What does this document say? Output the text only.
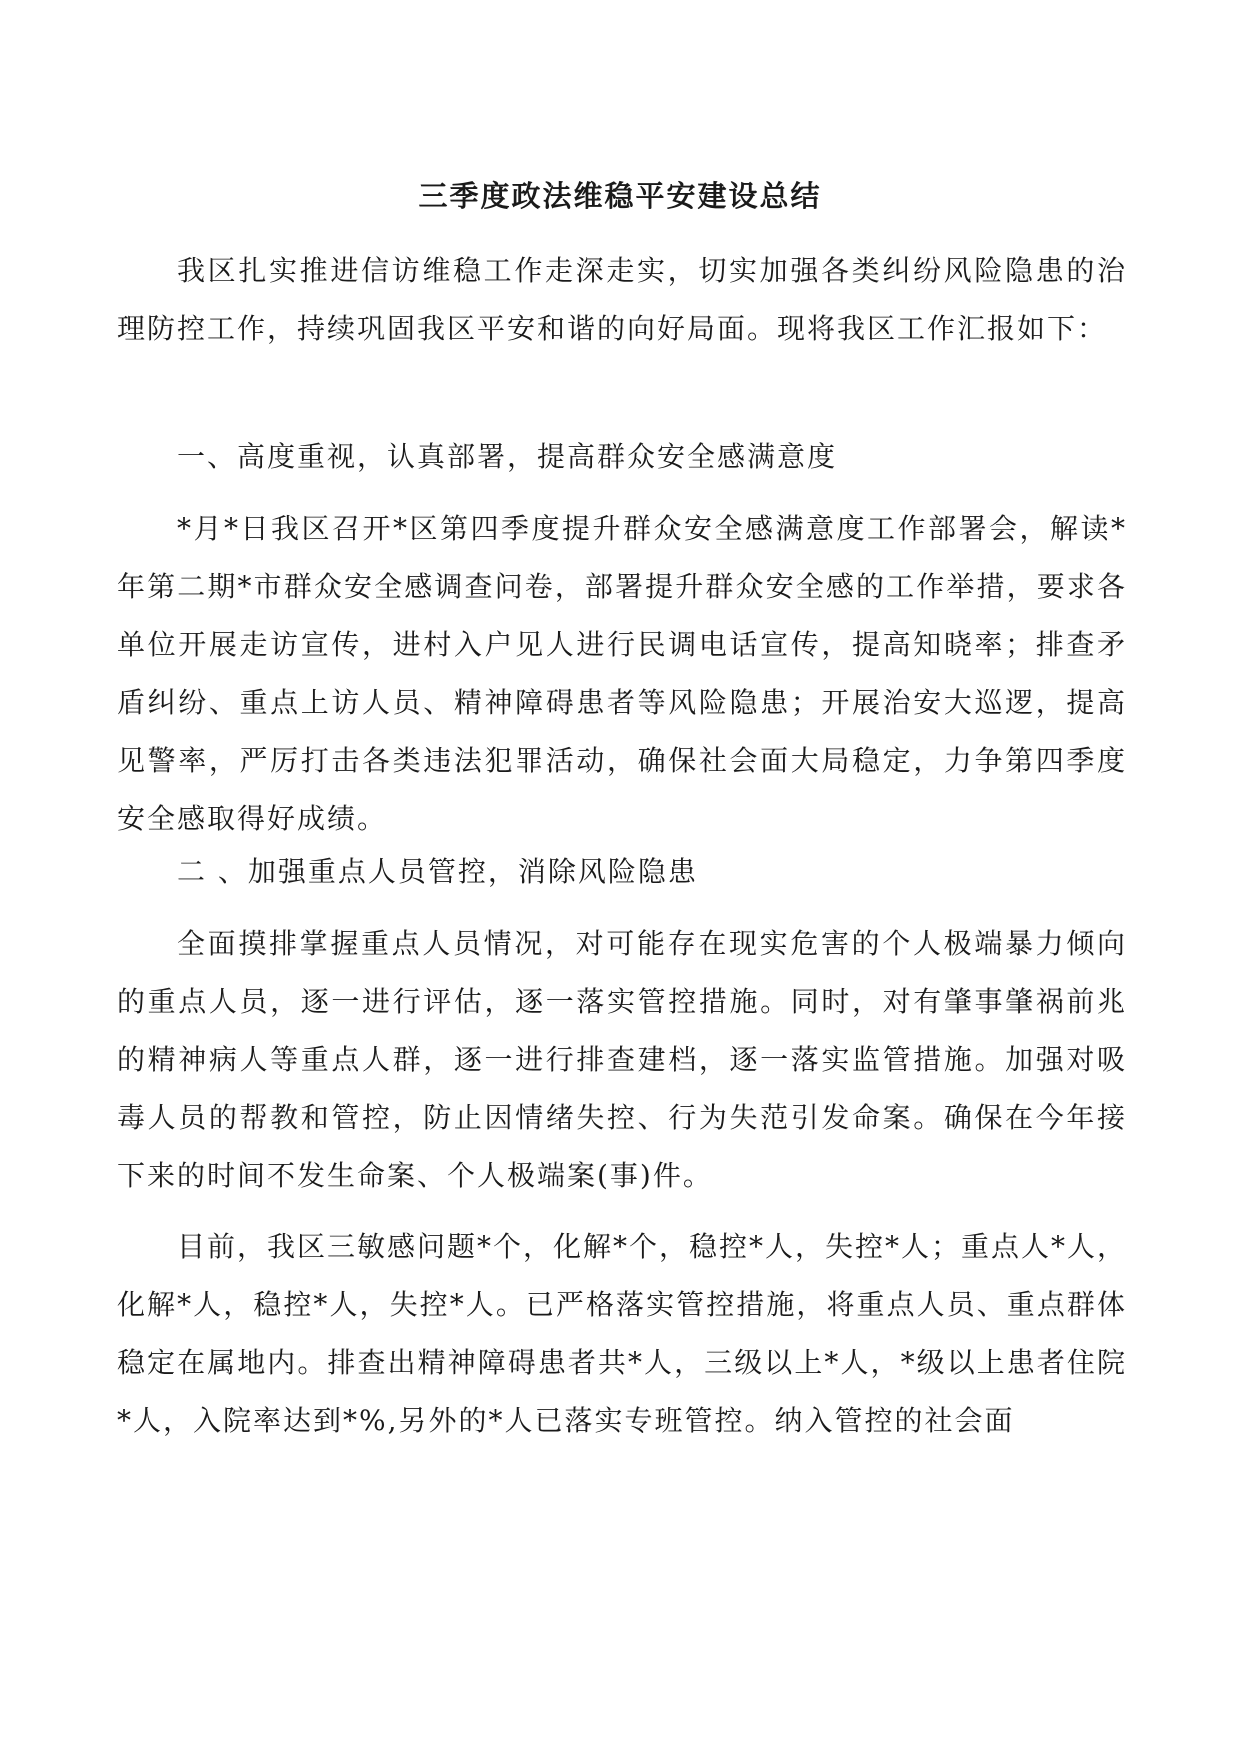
三季度政法维稳平安建设总结

我区扎实推进信访维稳工作走深走实，切实加强各类纠纷风险隐患的治理防控工作，持续巩固我区平安和谐的向好局面。现将我区工作汇报如下：

一、高度重视，认真部署，提高群众安全感满意度

*月*日我区召开*区第四季度提升群众安全感满意度工作部署会，解读*年第二期*市群众安全感调查问卷，部署提升群众安全感的工作举措，要求各单位开展走访宣传，进村入户见人进行民调电话宣传，提高知晓率；排查矛盾纠纷、重点上访人员、精神障碍患者等风险隐患；开展治安大巡逻，提高见警率，严厉打击各类违法犯罪活动，确保社会面大局稳定，力争第四季度安全感取得好成绩。

二 、加强重点人员管控，消除风险隐患

全面摸排掌握重点人员情况，对可能存在现实危害的个人极端暴力倾向的重点人员，逐一进行评估，逐一落实管控措施。同时，对有肇事肇祸前兆的精神病人等重点人群，逐一进行排查建档，逐一落实监管措施。加强对吸毒人员的帮教和管控，防止因情绪失控、行为失范引发命案。确保在今年接下来的时间不发生命案、个人极端案(事)件。

目前，我区三敏感问题*个，化解*个，稳控*人，失控*人；重点人*人，化解*人，稳控*人，失控*人。已严格落实管控措施，将重点人员、重点群体稳定在属地内。排查出精神障碍患者共*人，三级以上*人，*级以上患者住院*人，入院率达到*%,另外的*人已落实专班管控。纳入管控的社会面
